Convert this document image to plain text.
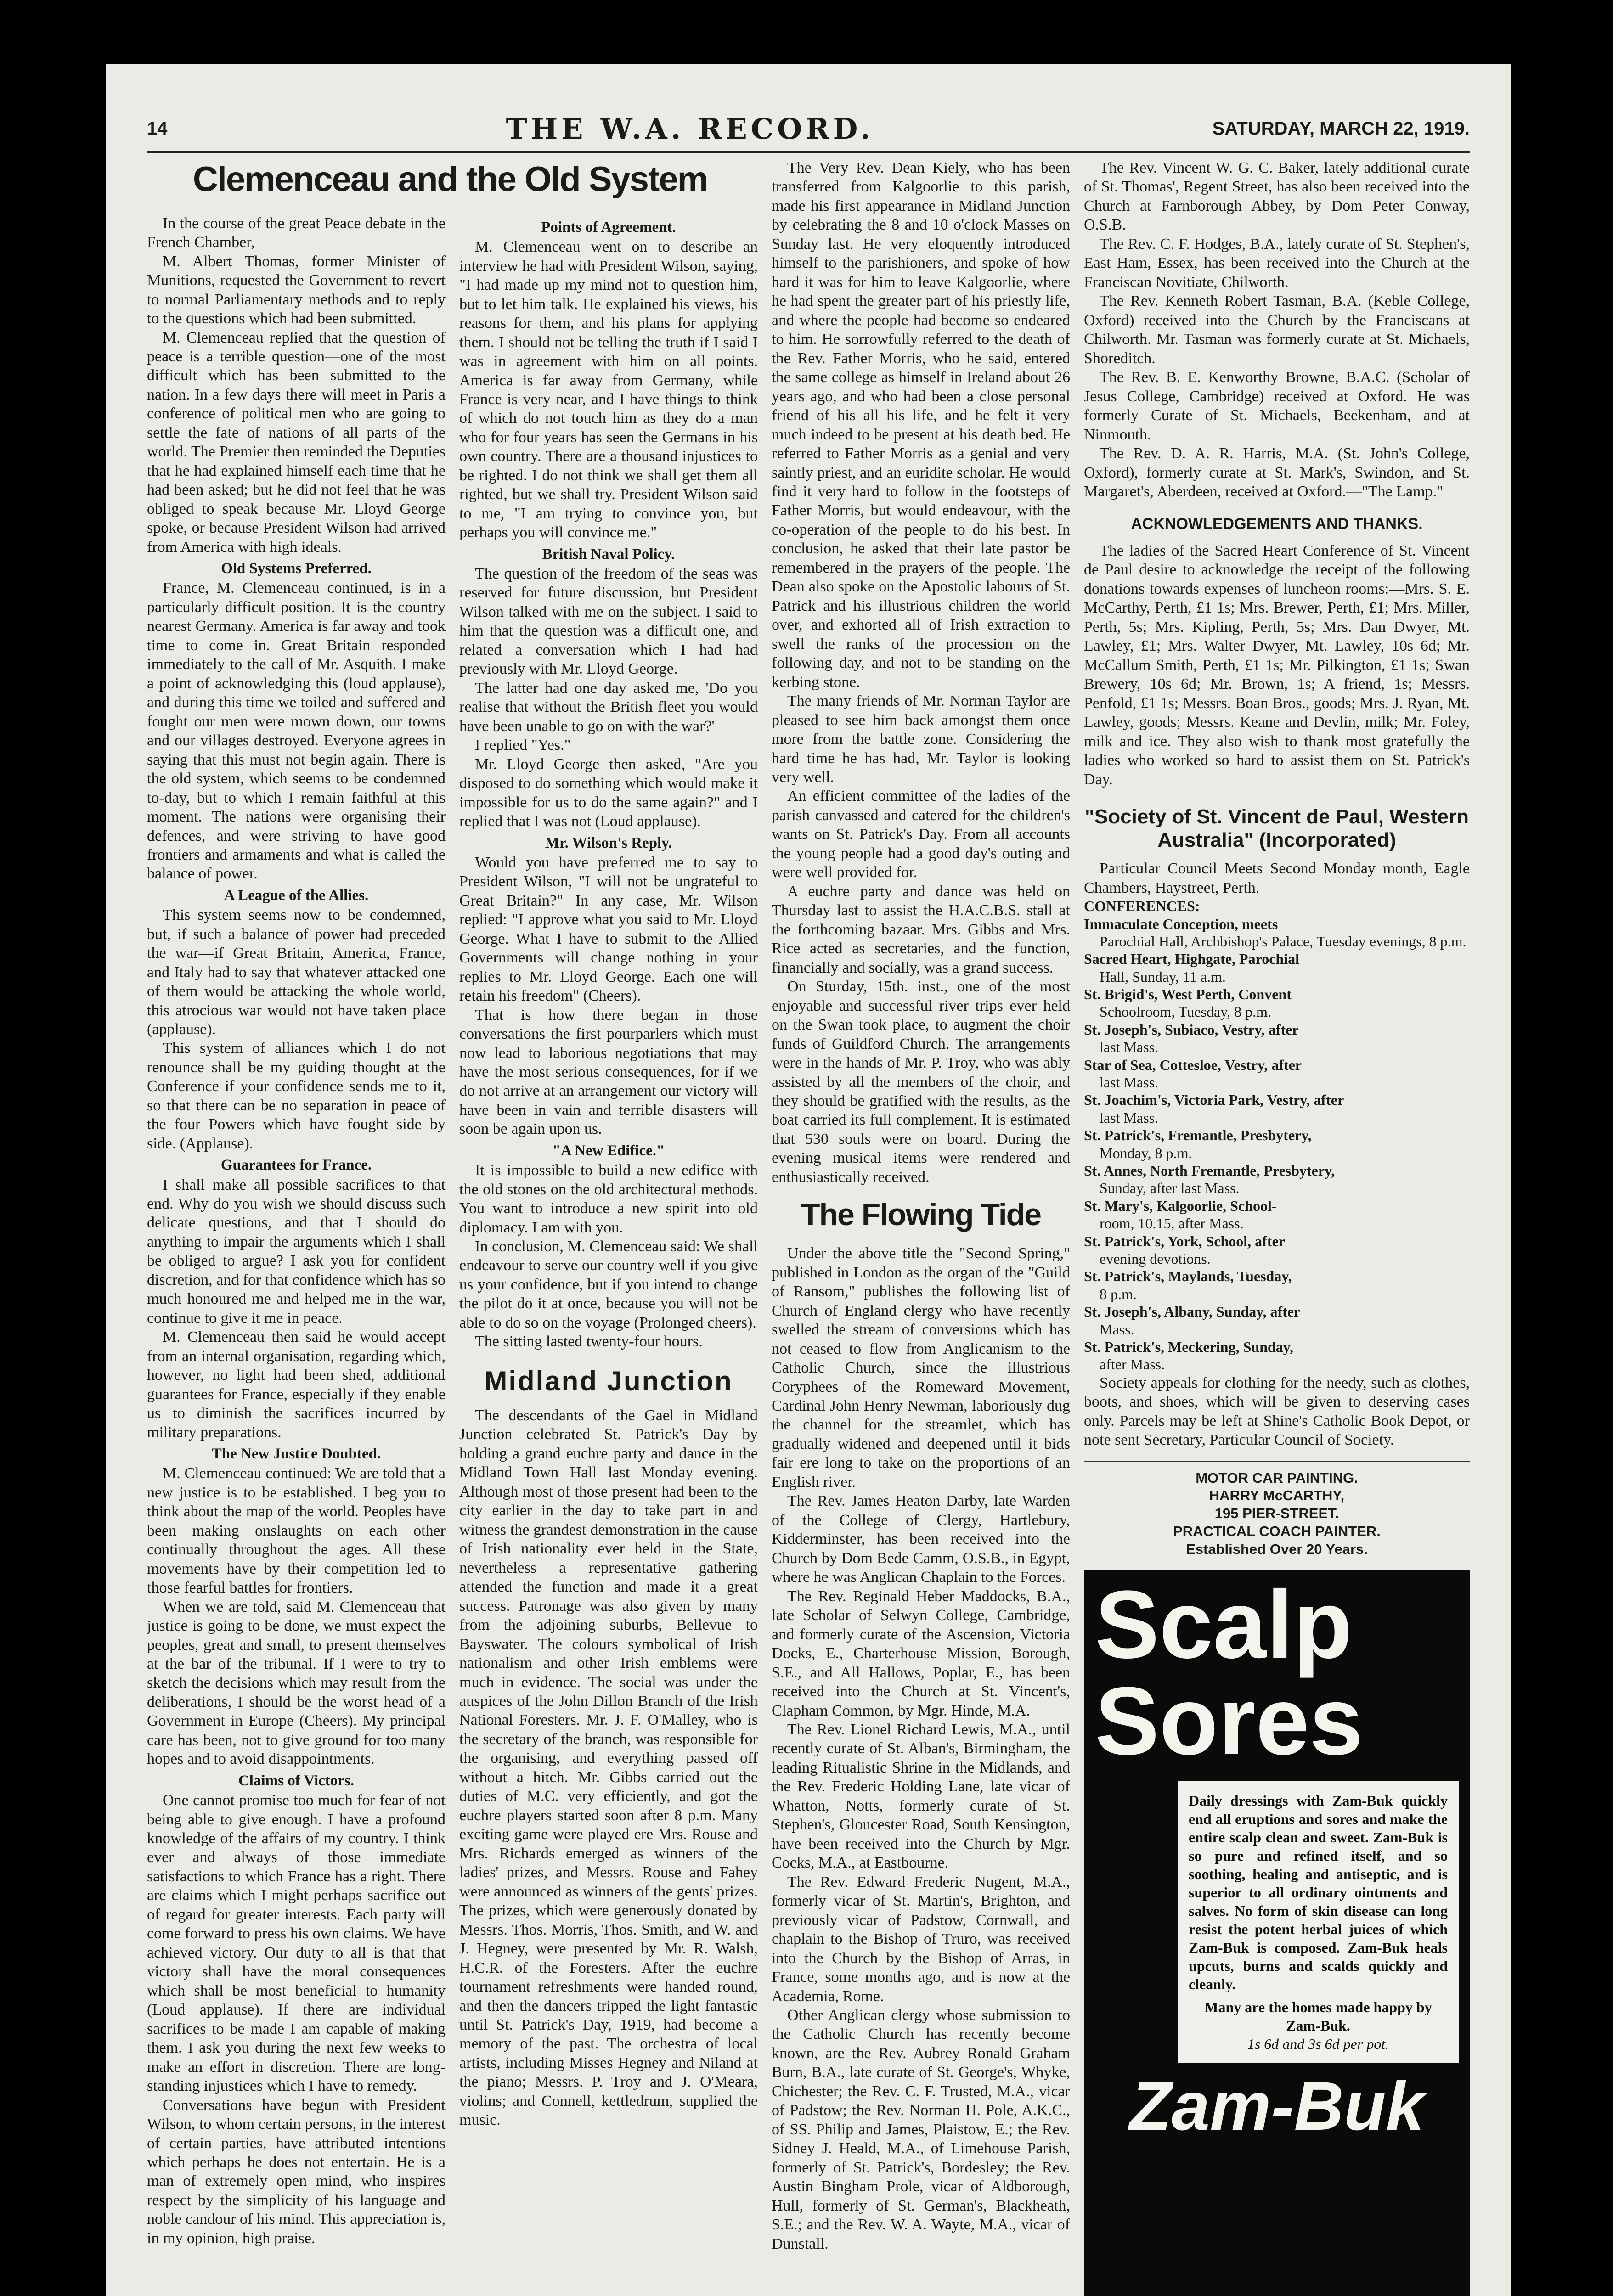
14	THE W.A. RECORD.	SATURDAY, MARCH 22, 1919.
Clemenceau and the Old System

In the course of the great Peace debate in the French Chamber,

M. Albert Thomas, former Minister of Munitions, requested the Government to revert to normal Parliamentary methods and to reply to the questions which had been submitted.

M. Clemenceau replied that the question of peace is a terrible question—one of the most difficult which has been submitted to the nation. In a few days there will meet in Paris a conference of political men who are going to settle the fate of nations of all parts of the world. The Premier then reminded the Deputies that he had explained himself each time that he had been asked; but he did not feel that he was obliged to speak because Mr. Lloyd George spoke, or because President Wilson had arrived from America with high ideals.

Old Systems Preferred.

France, M. Clemenceau continued, is in a particularly difficult position. It is the country nearest Germany. America is far away and took time to come in. Great Britain responded immediately to the call of Mr. Asquith. I make a point of acknowledging this (loud applause), and during this time we toiled and suffered and fought our men were mown down, our towns and our villages destroyed. Everyone agrees in saying that this must not begin again. There is the old system, which seems to be condemned to-day, but to which I remain faithful at this moment. The nations were organising their defences, and were striving to have good frontiers and armaments and what is called the balance of power.

A League of the Allies.

This system seems now to be condemned, but, if such a balance of power had preceded the war—if Great Britain, America, France, and Italy had to say that whatever attacked one of them would be attacking the whole world, this atrocious war would not have taken place (applause).

This system of alliances which I do not renounce shall be my guiding thought at the Conference if your confidence sends me to it, so that there can be no separation in peace of the four Powers which have fought side by side. (Applause).

Guarantees for France.

I shall make all possible sacrifices to that end. Why do you wish we should discuss such delicate questions, and that I should do anything to impair the arguments which I shall be obliged to argue? I ask you for confident discretion, and for that confidence which has so much honoured me and helped me in the war, continue to give it me in peace.

M. Clemenceau then said he would accept from an internal organisation, regarding which, however, no light had been shed, additional guarantees for France, especially if they enable us to diminish the sacrifices incurred by military preparations.

The New Justice Doubted.

M. Clemenceau continued: We are told that a new justice is to be established. I beg you to think about the map of the world. Peoples have been making onslaughts on each other continually throughout the ages. All these movements have by their competition led to those fearful battles for frontiers.

When we are told, said M. Clemenceau that justice is going to be done, we must expect the peoples, great and small, to present themselves at the bar of the tribunal. If I were to try to sketch the decisions which may result from the deliberations, I should be the worst head of a Government in Europe (Cheers). My principal care has been, not to give ground for too many hopes and to avoid disappointments.

Claims of Victors.

One cannot promise too much for fear of not being able to give enough. I have a profound knowledge of the affairs of my country. I think ever and always of those immediate satisfactions to which France has a right. There are claims which I might perhaps sacrifice out of regard for greater interests. Each party will come forward to press his own claims. We have achieved victory. Our duty to all is that that victory shall have the moral consequences which shall be most beneficial to humanity (Loud applause). If there are individual sacrifices to be made I am capable of making them. I ask you during the next few weeks to make an effort in discretion. There are long-standing injustices which I have to remedy.

Conversations have begun with President Wilson, to whom certain persons, in the interest of certain parties, have attributed intentions which perhaps he does not entertain. He is a man of extremely open mind, who inspires respect by the simplicity of his language and noble candour of his mind. This appreciation is, in my opinion, high praise.

Points of Agreement.

M. Clemenceau went on to describe an interview he had with President Wilson, saying, "I had made up my mind not to question him, but to let him talk. He explained his views, his reasons for them, and his plans for applying them. I should not be telling the truth if I said I was in agreement with him on all points. America is far away from Germany, while France is very near, and I have things to think of which do not touch him as they do a man who for four years has seen the Germans in his own country. There are a thousand injustices to be righted. I do not think we shall get them all righted, but we shall try. President Wilson said to me, "I am trying to convince you, but perhaps you will convince me."

British Naval Policy.

The question of the freedom of the seas was reserved for future discussion, but President Wilson talked with me on the subject. I said to him that the question was a difficult one, and related a conversation which I had had previously with Mr. Lloyd George.

The latter had one day asked me, 'Do you realise that without the British fleet you would have been unable to go on with the war?'

I replied "Yes."

Mr. Lloyd George then asked, "Are you disposed to do something which would make it impossible for us to do the same again?" and I replied that I was not (Loud applause).

Mr. Wilson's Reply.

Would you have preferred me to say to President Wilson, "I will not be ungrateful to Great Britain?" In any case, Mr. Wilson replied: "I approve what you said to Mr. Lloyd George. What I have to submit to the Allied Governments will change nothing in your replies to Mr. Lloyd George. Each one will retain his freedom" (Cheers).

That is how there began in those conversations the first pourparlers which must now lead to laborious negotiations that may have the most serious consequences, for if we do not arrive at an arrangement our victory will have been in vain and terrible disasters will soon be again upon us.

"A New Edifice."

It is impossible to build a new edifice with the old stones on the old architectural methods. You want to introduce a new spirit into old diplomacy. I am with you.

In conclusion, M. Clemenceau said: We shall endeavour to serve our country well if you give us your confidence, but if you intend to change the pilot do it at once, because you will not be able to do so on the voyage (Prolonged cheers).

The sitting lasted twenty-four hours.

Midland Junction

The descendants of the Gael in Midland Junction celebrated St. Patrick's Day by holding a grand euchre party and dance in the Midland Town Hall last Monday evening. Although most of those present had been to the city earlier in the day to take part in and witness the grandest demonstration in the cause of Irish nationality ever held in the State, nevertheless a representative gathering attended the function and made it a great success. Patronage was also given by many from the adjoining suburbs, Bellevue to Bayswater. The colours symbolical of Irish nationalism and other Irish emblems were much in evidence. The social was under the auspices of the John Dillon Branch of the Irish National Foresters. Mr. J. F. O'Malley, who is the secretary of the branch, was responsible for the organising, and everything passed off without a hitch. Mr. Gibbs carried out the duties of M.C. very efficiently, and got the euchre players started soon after 8 p.m. Many exciting game were played ere Mrs. Rouse and Mrs. Richards emerged as winners of the ladies' prizes, and Messrs. Rouse and Fahey were announced as winners of the gents' prizes. The prizes, which were generously donated by Messrs. Thos. Morris, Thos. Smith, and W. and J. Hegney, were presented by Mr. R. Walsh, H.C.R. of the Foresters. After the euchre tournament refreshments were handed round, and then the dancers tripped the light fantastic until St. Patrick's Day, 1919, had become a memory of the past. The orchestra of local artists, including Misses Hegney and Niland at the piano; Messrs. P. Troy and J. O'Meara, violins; and Connell, kettledrum, supplied the music.

The Very Rev. Dean Kiely, who has been transferred from Kalgoorlie to this parish, made his first appearance in Midland Junction by celebrating the 8 and 10 o'clock Masses on Sunday last. He very eloquently introduced himself to the parishioners, and spoke of how hard it was for him to leave Kalgoorlie, where he had spent the greater part of his priestly life, and where the people had become so endeared to him. He sorrowfully referred to the death of the Rev. Father Morris, who he said, entered the same college as himself in Ireland about 26 years ago, and who had been a close personal friend of his all his life, and he felt it very much indeed to be present at his death bed. He referred to Father Morris as a genial and very saintly priest, and an euridite scholar. He would find it very hard to follow in the footsteps of Father Morris, but would endeavour, with the co-operation of the people to do his best. In conclusion, he asked that their late pastor be remembered in the prayers of the people. The Dean also spoke on the Apostolic labours of St. Patrick and his illustrious children the world over, and exhorted all of Irish extraction to swell the ranks of the procession on the following day, and not to be standing on the kerbing stone.

The many friends of Mr. Norman Taylor are pleased to see him back amongst them once more from the battle zone. Considering the hard time he has had, Mr. Taylor is looking very well.

An efficient committee of the ladies of the parish canvassed and catered for the children's wants on St. Patrick's Day. From all accounts the young people had a good day's outing and were well provided for.

A euchre party and dance was held on Thursday last to assist the H.A.C.B.S. stall at the forthcoming bazaar. Mrs. Gibbs and Mrs. Rice acted as secretaries, and the function, financially and socially, was a grand success.

On Sturday, 15th. inst., one of the most enjoyable and successful river trips ever held on the Swan took place, to augment the choir funds of Guildford Church. The arrangements were in the hands of Mr. P. Troy, who was ably assisted by all the members of the choir, and they should be gratified with the results, as the boat carried its full complement. It is estimated that 530 souls were on board. During the evening musical items were rendered and enthusiastically received.

The Flowing Tide

Under the above title the "Second Spring," published in London as the organ of the "Guild of Ransom," publishes the following list of Church of England clergy who have recently swelled the stream of conversions which has not ceased to flow from Anglicanism to the Catholic Church, since the illustrious Coryphees of the Romeward Movement, Cardinal John Henry Newman, laboriously dug the channel for the streamlet, which has gradually widened and deepened until it bids fair ere long to take on the proportions of an English river.

The Rev. James Heaton Darby, late Warden of the College of Clergy, Hartlebury, Kidderminster, has been received into the Church by Dom Bede Camm, O.S.B., in Egypt, where he was Anglican Chaplain to the Forces.

The Rev. Reginald Heber Maddocks, B.A., late Scholar of Selwyn College, Cambridge, and formerly curate of the Ascension, Victoria Docks, E., Charterhouse Mission, Borough, S.E., and All Hallows, Poplar, E., has been received into the Church at St. Vincent's, Clapham Common, by Mgr. Hinde, M.A.

The Rev. Lionel Richard Lewis, M.A., until recently curate of St. Alban's, Birmingham, the leading Ritualistic Shrine in the Midlands, and the Rev. Frederic Holding Lane, late vicar of Whatton, Notts, formerly curate of St. Stephen's, Gloucester Road, South Kensington, have been received into the Church by Mgr. Cocks, M.A., at Eastbourne.

The Rev. Edward Frederic Nugent, M.A., formerly vicar of St. Martin's, Brighton, and previously vicar of Padstow, Cornwall, and chaplain to the Bishop of Truro, was received into the Church by the Bishop of Arras, in France, some months ago, and is now at the Academia, Rome.

Other Anglican clergy whose submission to the Catholic Church has recently become known, are the Rev. Aubrey Ronald Graham Burn, B.A., late curate of St. George's, Whyke, Chichester; the Rev. C. F. Trusted, M.A., vicar of Padstow; the Rev. Norman H. Pole, A.K.C., of SS. Philip and James, Plaistow, E.; the Rev. Sidney J. Heald, M.A., of Limehouse Parish, formerly of St. Patrick's, Bordesley; the Rev. Austin Bingham Prole, vicar of Aldborough, Hull, formerly of St. German's, Blackheath, S.E.; and the Rev. W. A. Wayte, M.A., vicar of Dunstall.

The Rev. Vincent W. G. C. Baker, lately additional curate of St. Thomas', Regent Street, has also been received into the Church at Farnborough Abbey, by Dom Peter Conway, O.S.B.

The Rev. C. F. Hodges, B.A., lately curate of St. Stephen's, East Ham, Essex, has been received into the Church at the Franciscan Novitiate, Chilworth.

The Rev. Kenneth Robert Tasman, B.A. (Keble College, Oxford) received into the Church by the Franciscans at Chilworth. Mr. Tasman was formerly curate at St. Michaels, Shoreditch.

The Rev. B. E. Kenworthy Browne, B.A.C. (Scholar of Jesus College, Cambridge) received at Oxford. He was formerly Curate of St. Michaels, Beekenham, and at Ninmouth.

The Rev. D. A. R. Harris, M.A. (St. John's College, Oxford), formerly curate at St. Mark's, Swindon, and St. Margaret's, Aberdeen, received at Oxford.—"The Lamp."

ACKNOWLEDGEMENTS AND THANKS.

The ladies of the Sacred Heart Conference of St. Vincent de Paul desire to acknowledge the receipt of the following donations towards expenses of luncheon rooms:—Mrs. S. E. McCarthy, Perth, £1 1s; Mrs. Brewer, Perth, £1; Mrs. Miller, Perth, 5s; Mrs. Kipling, Perth, 5s; Mrs. Dan Dwyer, Mt. Lawley, £1; Mrs. Walter Dwyer, Mt. Lawley, 10s 6d; Mr. McCallum Smith, Perth, £1 1s; Mr. Pilkington, £1 1s; Swan Brewery, 10s 6d; Mr. Brown, 1s; A friend, 1s; Messrs. Penfold, £1 1s; Messrs. Boan Bros., goods; Mrs. J. Ryan, Mt. Lawley, goods; Messrs. Keane and Devlin, milk; Mr. Foley, milk and ice. They also wish to thank most gratefully the ladies who worked so hard to assist them on St. Patrick's Day.

"Society of St. Vincent de Paul, Western Australia" (Incorporated)

Particular Council Meets Second Monday month, Eagle Chambers, Haystreet, Perth.

CONFERENCES:
Immaculate Conception, meets
Parochial Hall, Archbishop's Palace, Tuesday evenings, 8 p.m.
Sacred Heart, Highgate, Parochial
Hall, Sunday, 11 a.m.
St. Brigid's, West Perth, Convent
Schoolroom, Tuesday, 8 p.m.
St. Joseph's, Subiaco, Vestry, after
last Mass.
Star of Sea, Cottesloe, Vestry, after
last Mass.
St. Joachim's, Victoria Park, Vestry, after
last Mass.
St. Patrick's, Fremantle, Presbytery,
Monday, 8 p.m.
St. Annes, North Fremantle, Presbytery,
Sunday, after last Mass.
St. Mary's, Kalgoorlie, School-
room, 10.15, after Mass.
St. Patrick's, York, School, after
evening devotions.
St. Patrick's, Maylands, Tuesday,
8 p.m.
St. Joseph's, Albany, Sunday, after
Mass.
St. Patrick's, Meckering, Sunday,
after Mass.

Society appeals for clothing for the needy, such as clothes, boots, and shoes, which will be given to deserving cases only. Parcels may be left at Shine's Catholic Book Depot, or note sent Secretary, Particular Council of Society.

MOTOR CAR PAINTING.
HARRY McCARTHY,
195 PIER-STREET.
PRACTICAL COACH PAINTER.
Established Over 20 Years.
Scalp
Sores
Daily dressings with Zam-Buk quickly end all eruptions and sores and make the entire scalp clean and sweet. Zam-Buk is so pure and refined itself, and so soothing, healing and antiseptic, and is superior to all ordinary ointments and salves. No form of skin disease can long resist the potent herbal juices of which Zam-Buk is composed. Zam-Buk heals upcuts, burns and scalds quickly and cleanly.
Many are the homes made happy by Zam-Buk.
1s 6d and 3s 6d per pot.
Zam-Buk
